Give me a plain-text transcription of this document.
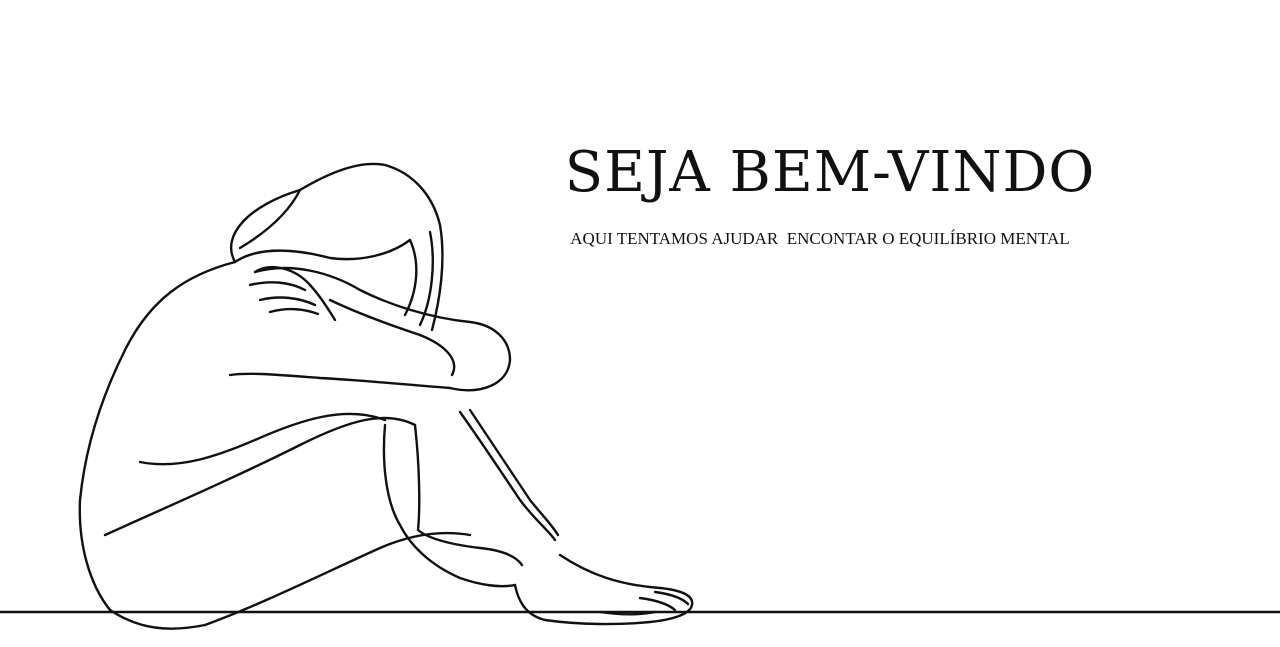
SEJA BEM-VINDO

AQUI TENTAMOS AJUDAR  ENCONTAR O EQUILÍBRIO MENTAL
